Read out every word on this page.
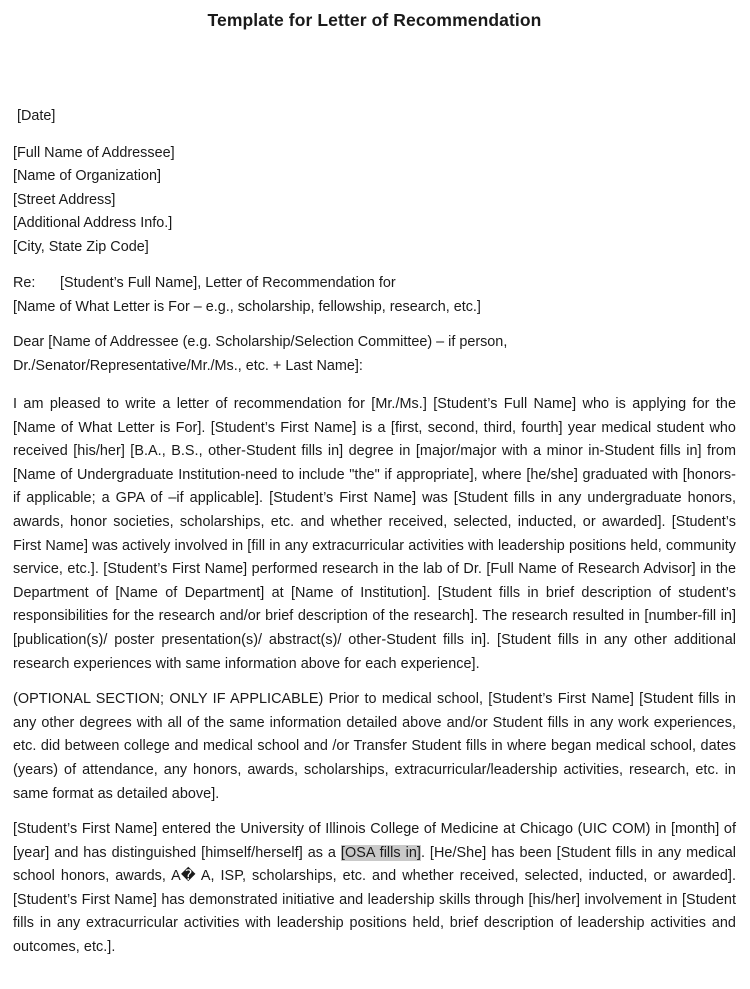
Template for Letter of Recommendation
[Date]
[Full Name of Addressee]
[Name of Organization]
[Street Address]
[Additional Address Info.]
[City, State Zip Code]
Re: [Student’s Full Name], Letter of Recommendation for
[Name of What Letter is For – e.g., scholarship, fellowship, research, etc.]
Dear [Name of Addressee (e.g. Scholarship/Selection Committee) – if person,
Dr./Senator/Representative/Mr./Ms., etc. + Last Name]:

I am pleased to write a letter of recommendation for [Mr./Ms.] [Student’s Full Name] who is applying for the [Name of What Letter is For]. [Student’s First Name] is a [first, second, third, fourth] year medical student who received [his/her] [B.A., B.S., other-Student fills in] degree in [major/major with a minor in-Student fills in] from [Name of Undergraduate Institution-need to include "the" if appropriate], where [he/she] graduated with [honors-if applicable; a GPA of –if applicable]. [Student’s First Name] was [Student fills in any undergraduate honors, awards, honor societies, scholarships, etc. and whether received, selected, inducted, or awarded]. [Student’s First Name] was actively involved in [fill in any extracurricular activities with leadership positions held, community service, etc.]. [Student’s First Name] performed research in the lab of Dr. [Full Name of Research Advisor] in the Department of [Name of Department] at [Name of Institution]. [Student fills in brief description of student’s responsibilities for the research and/or brief description of the research]. The research resulted in [number-fill in] [publication(s)/ poster presentation(s)/ abstract(s)/ other-Student fills in]. [Student fills in any other additional research experiences with same information above for each experience].

(OPTIONAL SECTION; ONLY IF APPLICABLE) Prior to medical school, [Student’s First Name] [Student fills in any other degrees with all of the same information detailed above and/or Student fills in any work experiences, etc. did between college and medical school and /or Transfer Student fills in where began medical school, dates (years) of attendance, any honors, awards, scholarships, extracurricular/leadership activities, research, etc. in same format as detailed above].

[Student’s First Name] entered the University of Illinois College of Medicine at Chicago (UIC COM) in [month] of [year] and has distinguished [himself/herself] as a [OSA fills in]. [He/She] has been [Student fills in any medical school honors, awards, A� A, ISP, scholarships, etc. and whether received, selected, inducted, or awarded]. [Student’s First Name] has demonstrated initiative and leadership skills through [his/her] involvement in [Student fills in any extracurricular activities with leadership positions held, brief description of leadership activities and outcomes, etc.].
